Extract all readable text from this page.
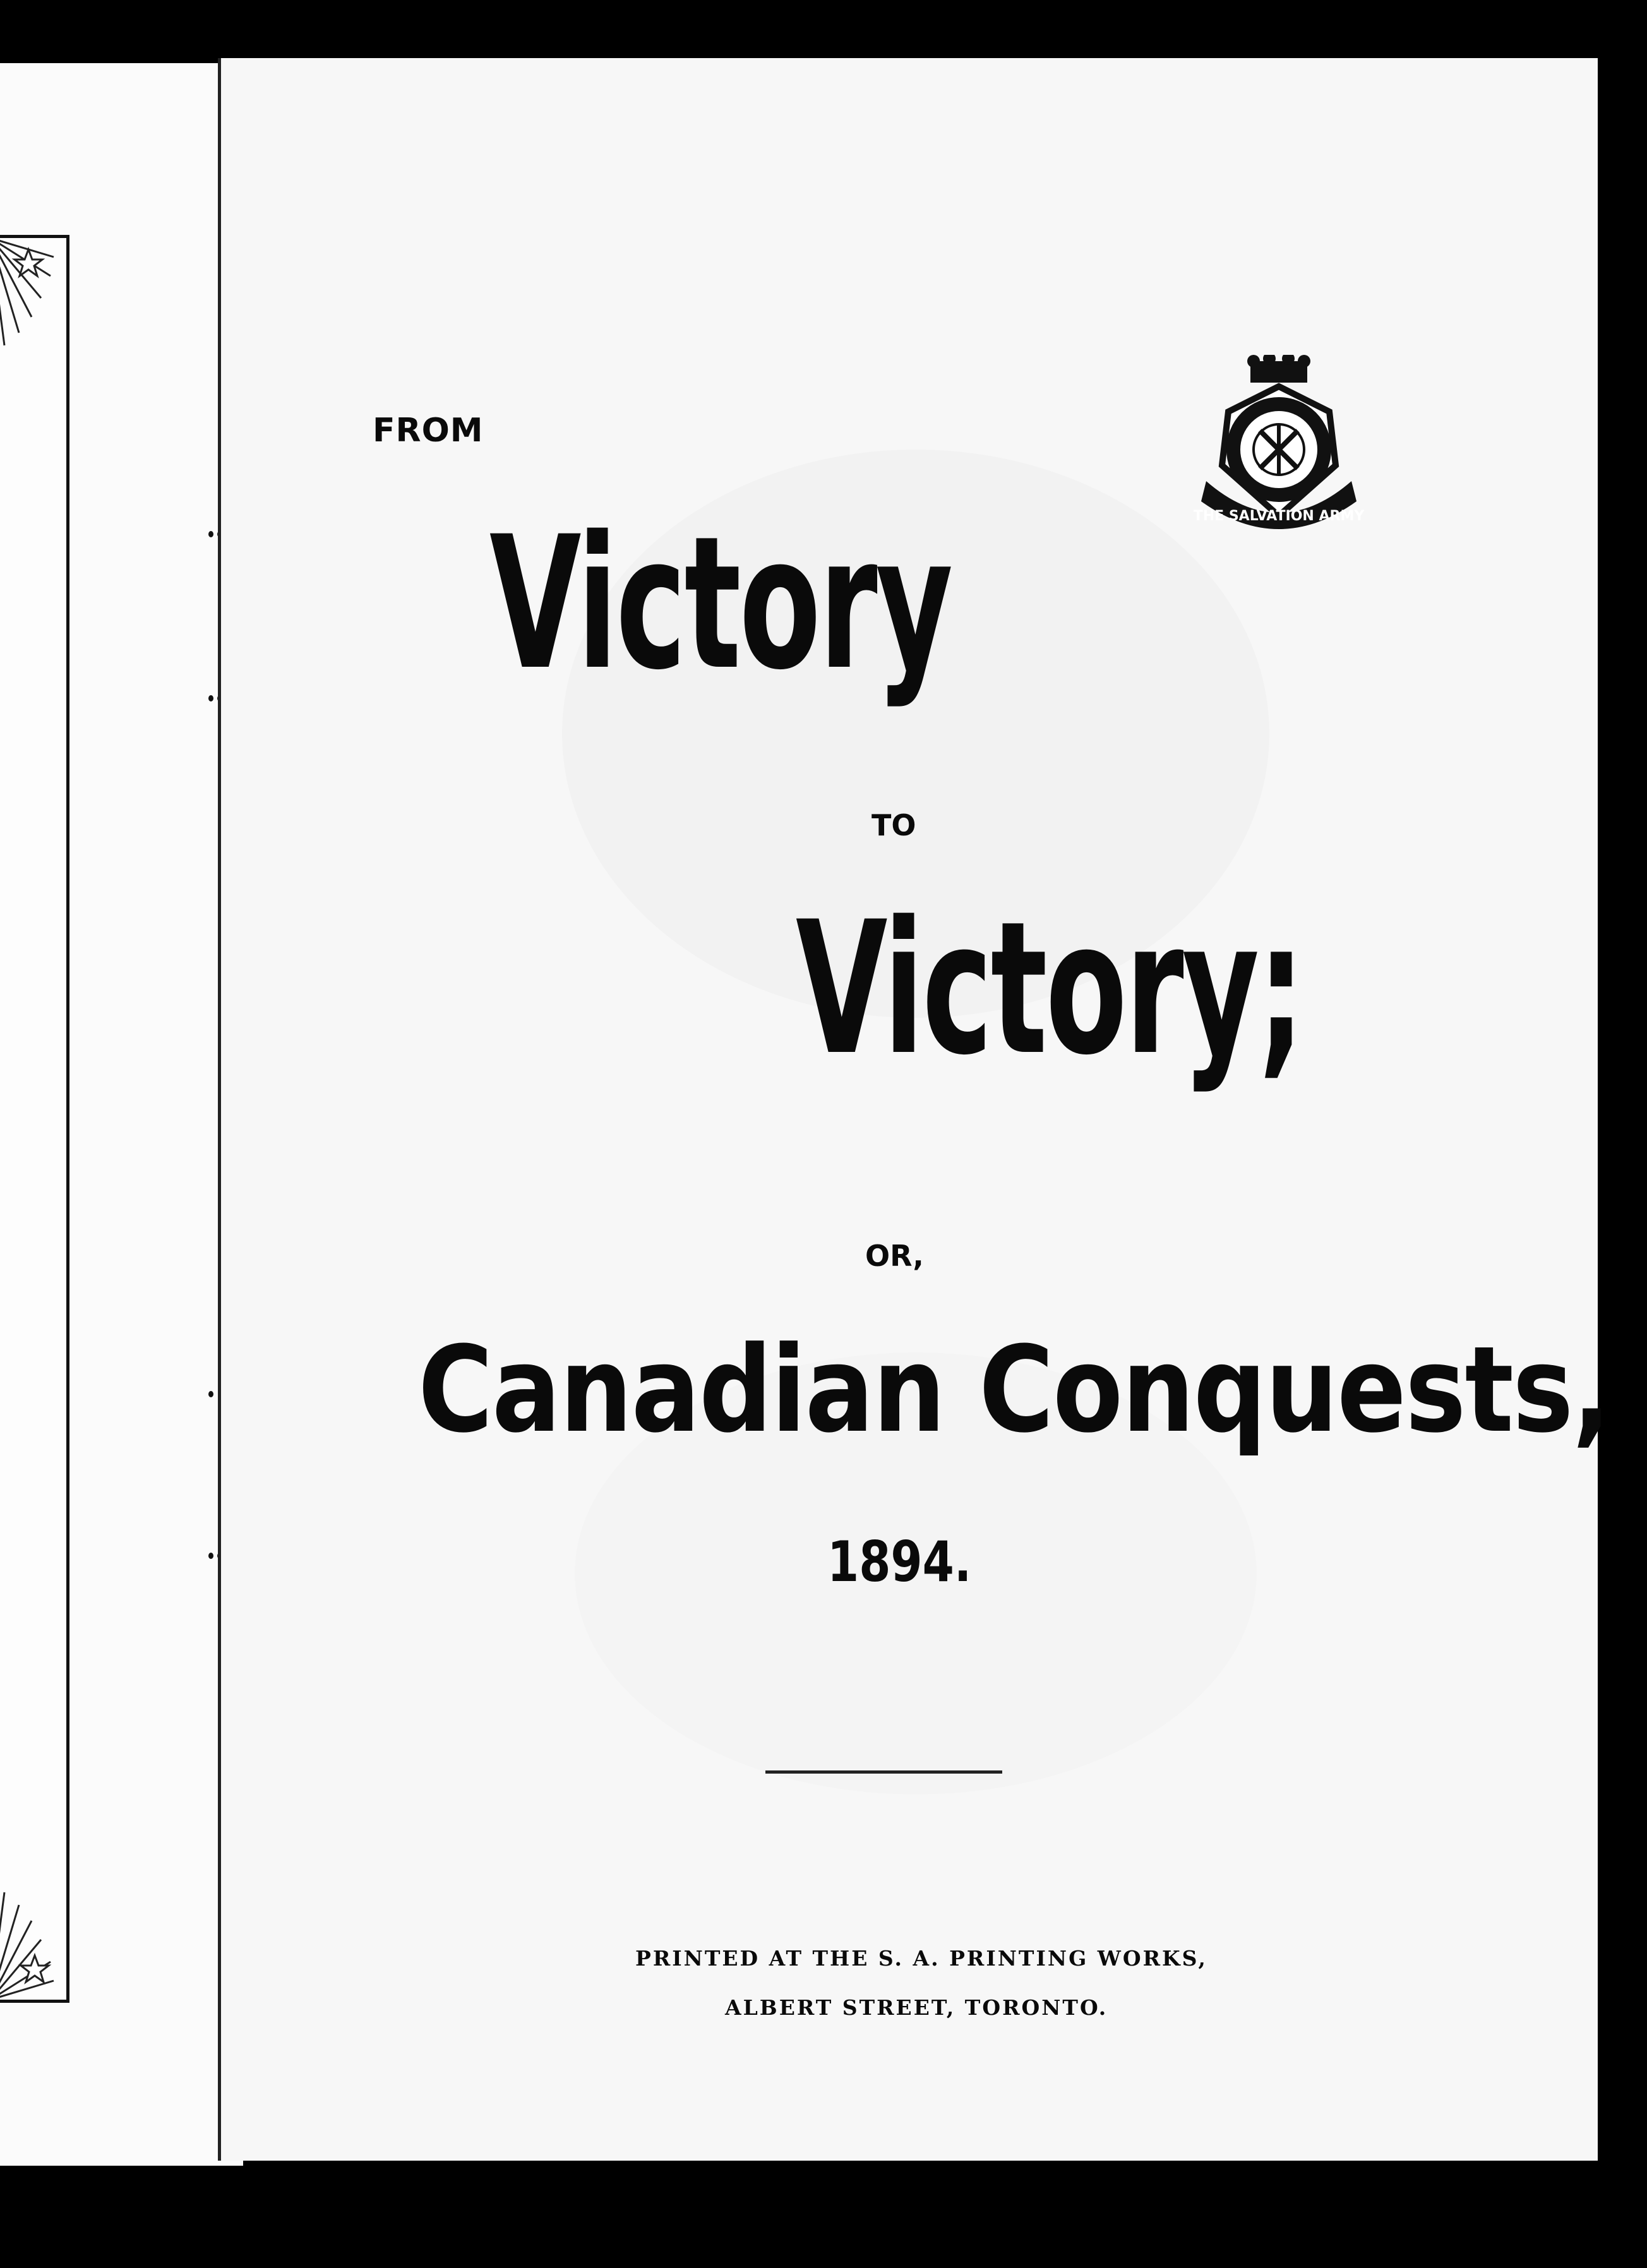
THE SALVATION ARMY
FROM
Victory
TO
Victory;
OR,
Canadian Conquests,
1894.
PRINTED AT THE S. A. PRINTING WORKS,
ALBERT STREET, TORONTO.
